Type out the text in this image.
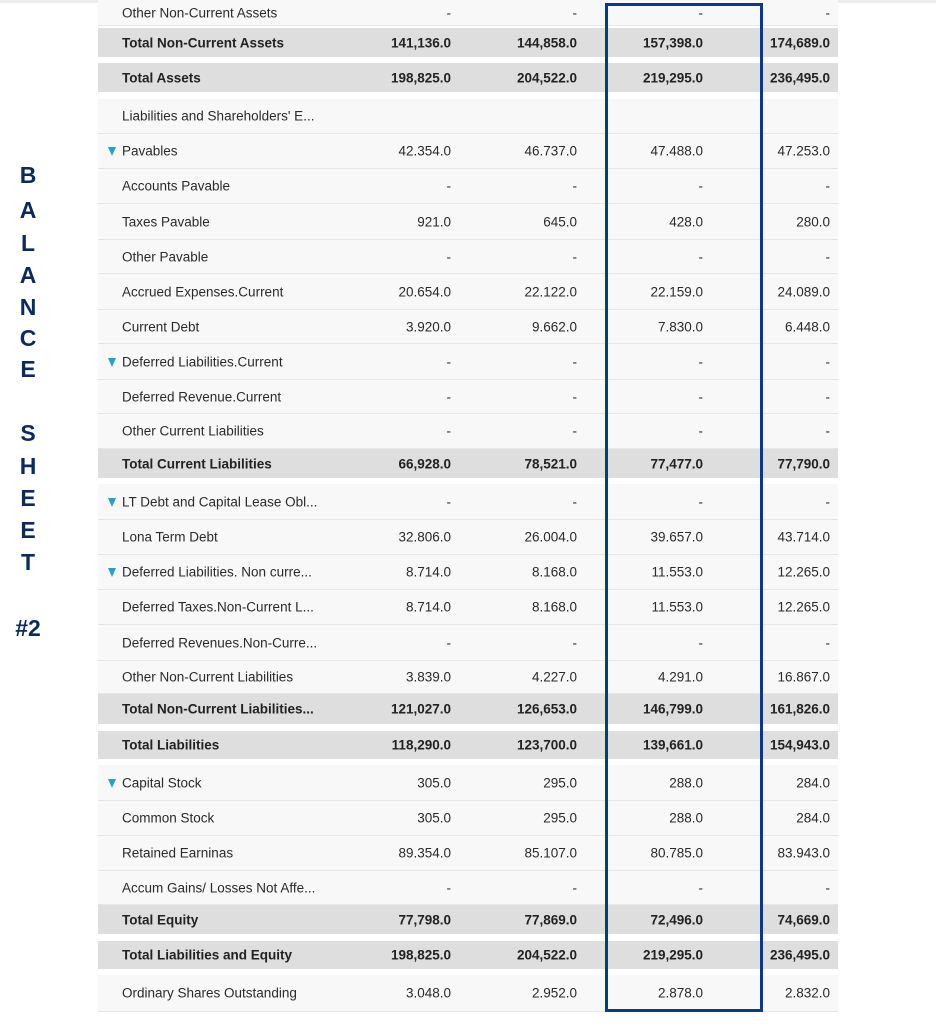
B
A
L
A
N
C
E
S
H
E
E
T
#2
Other Non-Current Assets	-	-	-	-
Total Non-Current Assets	141,136.0	144,858.0	157,398.0	174,689.0
Total Assets	198,825.0	204,522.0	219,295.0	236,495.0
Liabilities and Shareholders' E...
Pavables	42.354.0	46.737.0	47.488.0	47.253.0
Accounts Pavable	-	-	-	-
Taxes Pavable	921.0	645.0	428.0	280.0
Other Pavable	-	-	-	-
Accrued Expenses.Current	20.654.0	22.122.0	22.159.0	24.089.0
Current Debt	3.920.0	9.662.0	7.830.0	6.448.0
Deferred Liabilities.Current	-	-	-	-
Deferred Revenue.Current	-	-	-	-
Other Current Liabilities	-	-	-	-
Total Current Liabilities	66,928.0	78,521.0	77,477.0	77,790.0
LT Debt and Capital Lease Obl...	-	-	-	-
Lona Term Debt	32.806.0	26.004.0	39.657.0	43.714.0
Deferred Liabilities. Non curre...	8.714.0	8.168.0	11.553.0	12.265.0
Deferred Taxes.Non-Current L...	8.714.0	8.168.0	11.553.0	12.265.0
Deferred Revenues.Non-Curre...	-	-	-	-
Other Non-Current Liabilities	3.839.0	4.227.0	4.291.0	16.867.0
Total Non-Current Liabilities...	121,027.0	126,653.0	146,799.0	161,826.0
Total Liabilities	118,290.0	123,700.0	139,661.0	154,943.0
Capital Stock	305.0	295.0	288.0	284.0
Common Stock	305.0	295.0	288.0	284.0
Retained Earninas	89.354.0	85.107.0	80.785.0	83.943.0
Accum Gains/ Losses Not Affe...	-	-	-	-
Total Equity	77,798.0	77,869.0	72,496.0	74,669.0
Total Liabilities and Equity	198,825.0	204,522.0	219,295.0	236,495.0
Ordinary Shares Outstanding	3.048.0	2.952.0	2.878.0	2.832.0
